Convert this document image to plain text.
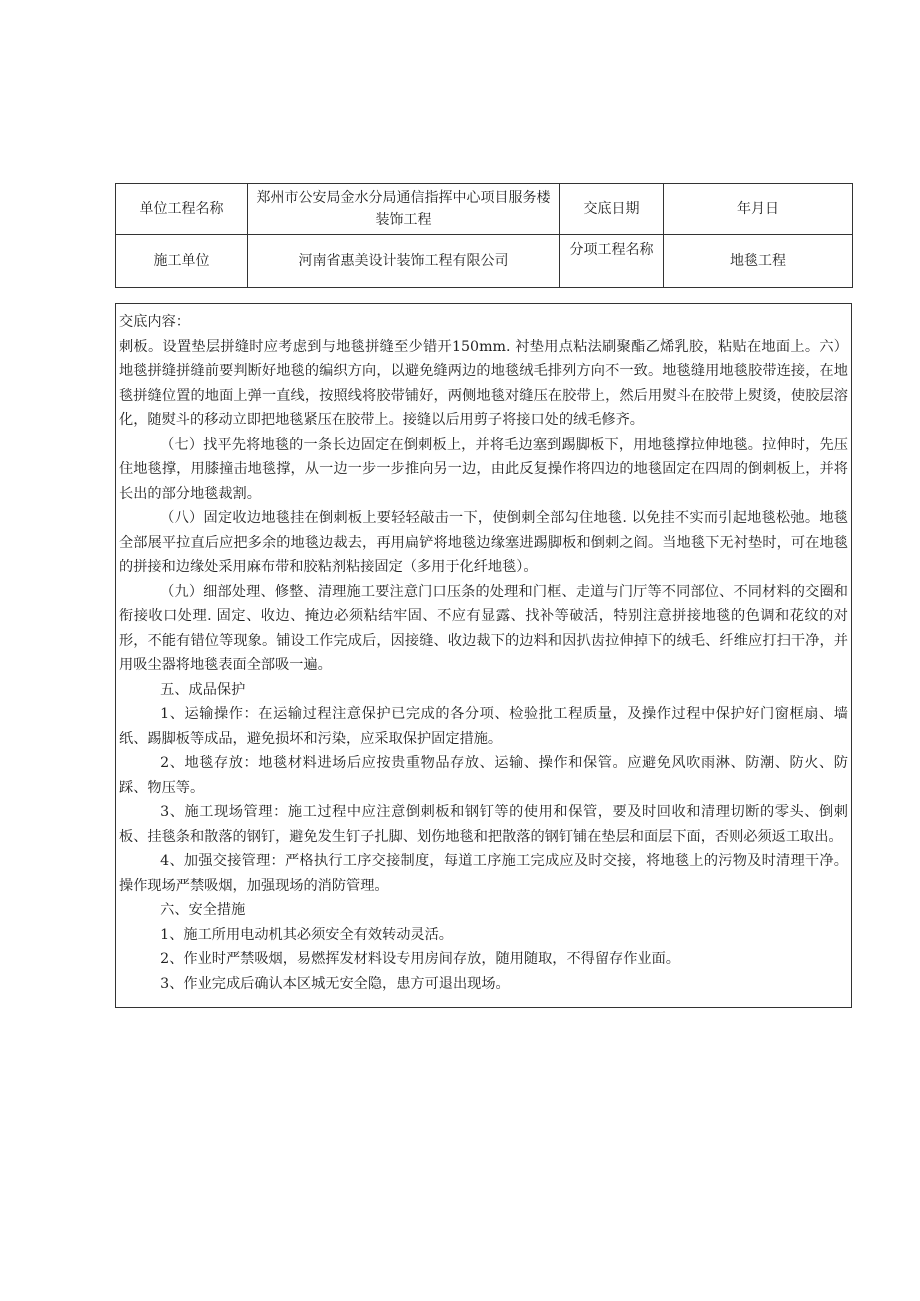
单位工程名称	郑州市公安局金水分局通信指挥中心项目服务楼装饰工程	交底日期	年月日
施工单位	河南省惠美设计装饰工程有限公司	分项工程名称	地毯工程

交底内容：

刺板。设置垫层拼缝时应考虑到与地毯拼缝至少错开150mm. 衬垫用点粘法刷聚酯乙烯乳胶，粘贴在地面上。六）地毯拼缝拼缝前要判断好地毯的编织方向，以避免缝两边的地毯绒毛排列方向不一致。地毯缝用地毯胶带连接，在地毯拼缝位置的地面上弹一直线，按照线将胶带铺好，两侧地毯对缝压在胶带上，然后用熨斗在胶带上熨烫，使胶层溶化，随熨斗的移动立即把地毯紧压在胶带上。接缝以后用剪子将接口处的绒毛修齐。

（七）找平先将地毯的一条长边固定在倒刺板上，并将毛边塞到踢脚板下，用地毯撑拉伸地毯。拉伸时，先压住地毯撑，用膝撞击地毯撑，从一边一步一步推向另一边，由此反复操作将四边的地毯固定在四周的倒刺板上，并将长出的部分地毯裁割。

（八）固定收边地毯挂在倒刺板上要轻轻敲击一下，使倒刺全部勾住地毯. 以免挂不实而引起地毯松弛。地毯全部展平拉直后应把多余的地毯边裁去，再用扁铲将地毯边缘塞进踢脚板和倒刺之阎。当地毯下无衬垫时，可在地毯的拼接和边缘处采用麻布带和胶粘剂粘接固定（多用于化纤地毯）。

（九）细部处理、修整、清理施工要注意门口压条的处理和门框、走道与门厅等不同部位、不同材料的交圈和衔接收口处理. 固定、收边、掩边必须粘结牢固、不应有显露、找补等破活，特别注意拼接地毯的色调和花纹的对形，不能有错位等现象。铺设工作完成后，因接缝、收边裁下的边料和因扒齿拉伸掉下的绒毛、纤维应打扫干净，并用吸尘器将地毯表面全部吸一遍。

五、成品保护

1、运输操作：在运输过程注意保护已完成的各分项、检验批工程质量，及操作过程中保护好门窗框扇、墙纸、踢脚板等成品，避免损坏和污染，应采取保护固定措施。

2、地毯存放：地毯材料进场后应按贵重物品存放、运输、操作和保管。应避免风吹雨淋、防潮、防火、防踩、物压等。

3、施工现场管理：施工过程中应注意倒刺板和钢钉等的使用和保管，要及时回收和清理切断的零头、倒刺板、挂毯条和散落的钢钉，避免发生钉子扎脚、划伤地毯和把散落的钢钉铺在垫层和面层下面，否则必须返工取出。

4、加强交接管理：严格执行工序交接制度，每道工序施工完成应及时交接，将地毯上的污物及时清理干净。操作现场严禁吸烟，加强现场的消防管理。

六、安全措施

1、施工所用电动机其必须安全有效转动灵活。

2、作业时严禁吸烟，易燃挥发材料设专用房间存放，随用随取，不得留存作业面。

3、作业完成后确认本区城无安全隐，患方可退出现场。
